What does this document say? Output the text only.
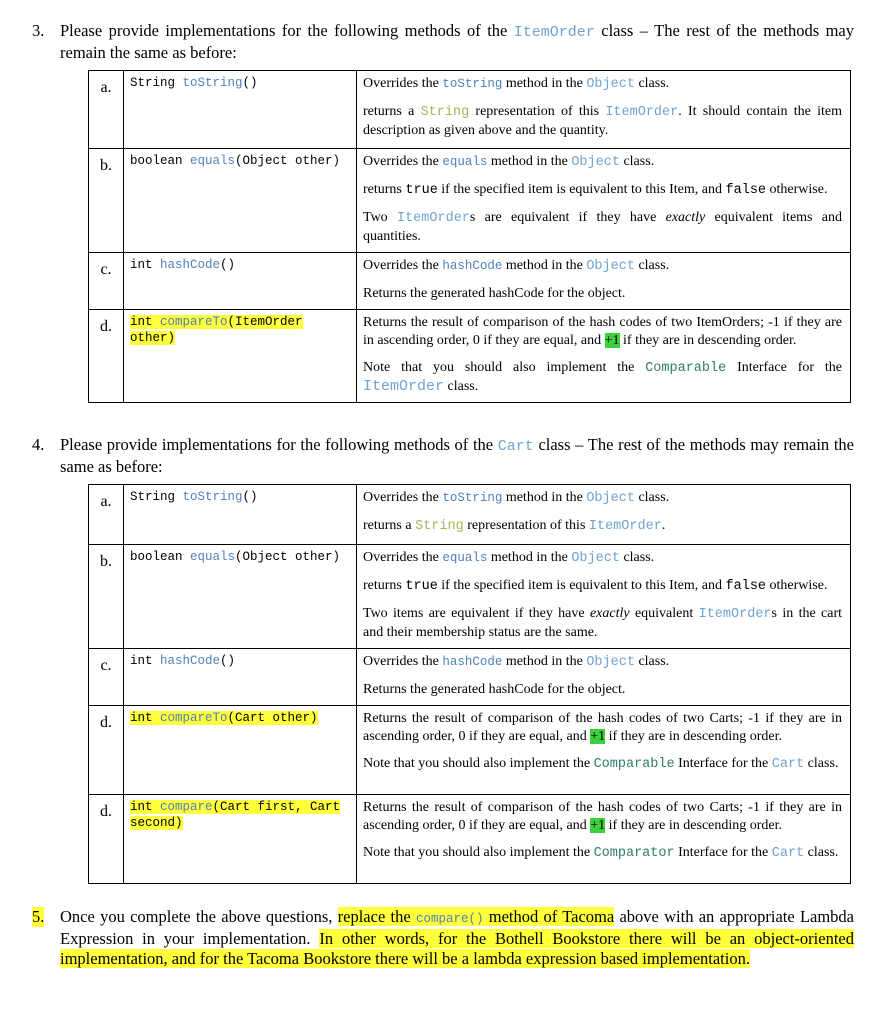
3. Please provide implementations for the following methods of the ItemOrder class – The rest of the methods may remain the same as before:
a.	String toString()	Overrides the toString method in the Object class.

returns a String representation of this ItemOrder. It should contain the item description as given above and the quantity.

b.	boolean equals(Object other)	Overrides the equals method in the Object class.

returns true if the specified item is equivalent to this Item, and false otherwise.

Two ItemOrders are equivalent if they have exactly equivalent items and quantities.

c.	int hashCode()	Overrides the hashCode method in the Object class.

Returns the generated hashCode for the object.

d.	int compareTo(ItemOrder other)	Returns the result of comparison of the hash codes of two ItemOrders; -1 if they are in ascending order, 0 if they are equal, and +1 if they are in descending order.

Note that you should also implement the Comparable Interface for the ItemOrder class.

4. Please provide implementations for the following methods of the Cart class – The rest of the methods may remain the same as before:
a.	String toString()	Overrides the toString method in the Object class.

returns a String representation of this ItemOrder.

b.	boolean equals(Object other)	Overrides the equals method in the Object class.

returns true if the specified item is equivalent to this Item, and false otherwise.

Two items are equivalent if they have exactly equivalent ItemOrders in the cart and their membership status are the same.

c.	int hashCode()	Overrides the hashCode method in the Object class.

Returns the generated hashCode for the object.

d.	int compareTo(Cart other)	Returns the result of comparison of the hash codes of two Carts; -1 if they are in ascending order, 0 if they are equal, and +1 if they are in descending order.

Note that you should also implement the Comparable Interface for the Cart class.

d.	int compare(Cart first, Cart second)	Returns the result of comparison of the hash codes of two Carts; -1 if they are in ascending order, 0 if they are equal, and +1 if they are in descending order.

Note that you should also implement the Comparator Interface for the Cart class.

5. Once you complete the above questions, replace the compare() method of Tacoma above with an appropriate Lambda Expression in your implementation. In other words, for the Bothell Bookstore there will be an object-oriented implementation, and for the Tacoma Bookstore there will be a lambda expression based implementation.
